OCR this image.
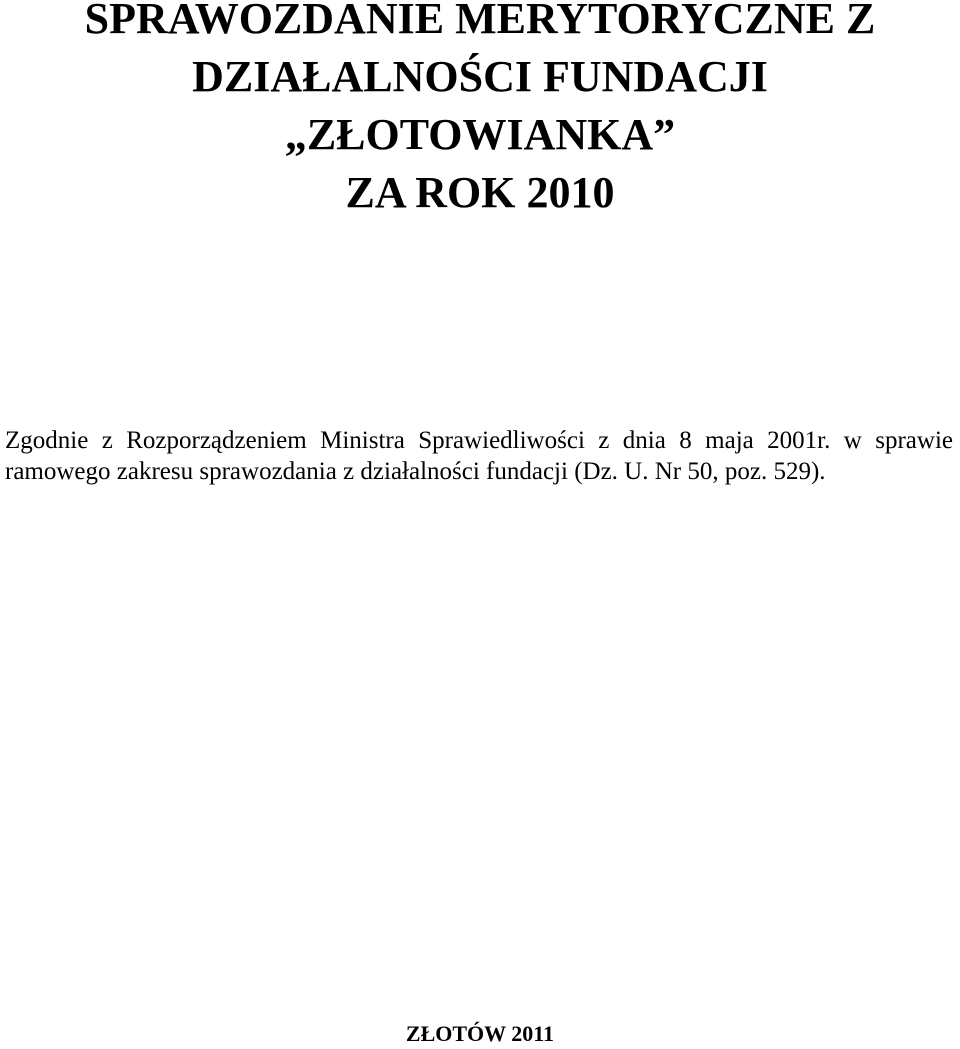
SPRAWOZDANIE MERYTORYCZNE Z
DZIAŁALNOŚCI FUNDACJI
„ZŁOTOWIANKA”
ZA ROK 2010

Zgodnie z Rozporządzeniem Ministra Sprawiedliwości z dnia 8 maja 2001r. w sprawie ramowego zakresu sprawozdania z działalności fundacji (Dz. U. Nr 50, poz. 529).

ZŁOTÓW 2011
